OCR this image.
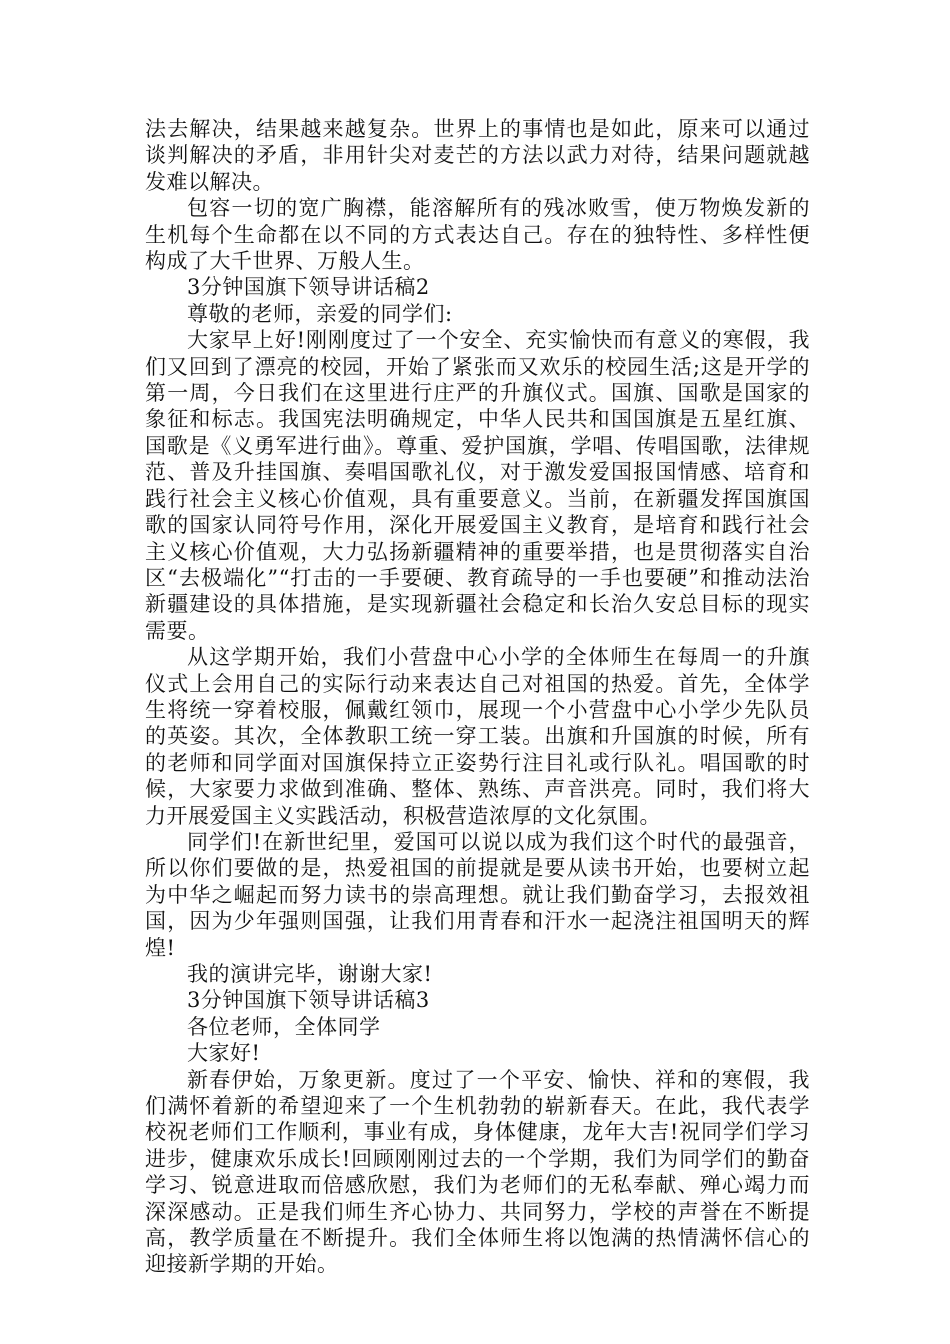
法去解决，结果越来越复杂。世界上的事情也是如此，原来可以通过谈判解决的矛盾，非用针尖对麦芒的方法以武力对待，结果问题就越发难以解决。

包容一切的宽广胸襟，能溶解所有的残冰败雪，使万物焕发新的生机每个生命都在以不同的方式表达自己。存在的独特性、多样性便构成了大千世界、万般人生。

3分钟国旗下领导讲话稿2

尊敬的老师，亲爱的同学们:

大家早上好!刚刚度过了一个安全、充实愉快而有意义的寒假，我们又回到了漂亮的校园，开始了紧张而又欢乐的校园生活;这是开学的第一周，今日我们在这里进行庄严的升旗仪式。国旗、国歌是国家的象征和标志。我国宪法明确规定，中华人民共和国国旗是五星红旗、国歌是《义勇军进行曲》。尊重、爱护国旗，学唱、传唱国歌，法律规范、普及升挂国旗、奏唱国歌礼仪，对于激发爱国报国情感、培育和践行社会主义核心价值观，具有重要意义。当前，在新疆发挥国旗国歌的国家认同符号作用，深化开展爱国主义教育，是培育和践行社会主义核心价值观，大力弘扬新疆精神的重要举措，也是贯彻落实自治区“去极端化”“打击的一手要硬、教育疏导的一手也要硬”和推动法治新疆建设的具体措施，是实现新疆社会稳定和长治久安总目标的现实需要。

从这学期开始，我们小营盘中心小学的全体师生在每周一的升旗仪式上会用自己的实际行动来表达自己对祖国的热爱。首先，全体学生将统一穿着校服，佩戴红领巾，展现一个小营盘中心小学少先队员的英姿。其次，全体教职工统一穿工装。出旗和升国旗的时候，所有的老师和同学面对国旗保持立正姿势行注目礼或行队礼。唱国歌的时候，大家要力求做到准确、整体、熟练、声音洪亮。同时，我们将大力开展爱国主义实践活动，积极营造浓厚的文化氛围。

同学们!在新世纪里，爱国可以说以成为我们这个时代的最强音，所以你们要做的是，热爱祖国的前提就是要从读书开始，也要树立起为中华之崛起而努力读书的崇高理想。就让我们勤奋学习，去报效祖国，因为少年强则国强，让我们用青春和汗水一起浇注祖国明天的辉煌!

我的演讲完毕，谢谢大家!

3分钟国旗下领导讲话稿3

各位老师，全体同学

大家好!

新春伊始，万象更新。度过了一个平安、愉快、祥和的寒假，我们满怀着新的希望迎来了一个生机勃勃的崭新春天。在此，我代表学校祝老师们工作顺利，事业有成，身体健康，龙年大吉!祝同学们学习进步，健康欢乐成长!回顾刚刚过去的一个学期，我们为同学们的勤奋学习、锐意进取而倍感欣慰，我们为老师们的无私奉献、殚心竭力而深深感动。正是我们师生齐心协力、共同努力，学校的声誉在不断提高，教学质量在不断提升。我们全体师生将以饱满的热情满怀信心的迎接新学期的开始。
